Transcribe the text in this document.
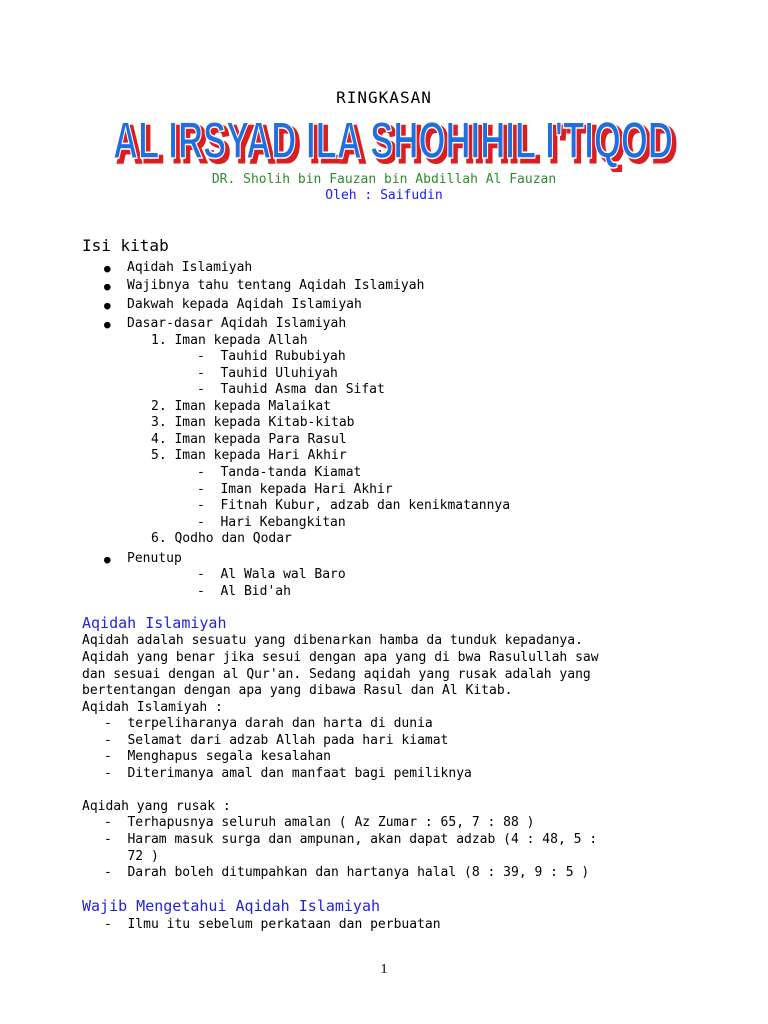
RINGKASAN
AL IRSYAD ILA SHOHIHIL I'TIQOD
AL IRSYAD ILA SHOHIHIL I'TIQOD
DR. Sholih bin Fauzan bin Abdillah Al Fauzan
Oleh : Saifudin
Isi kitab
● Aqidah Islamiyah
● Wajibnya tahu tentang Aqidah Islamiyah
● Dakwah kepada Aqidah Islamiyah
● Dasar-dasar Aqidah Islamiyah
1. Iman kepada Allah
-  Tauhid Rububiyah
-  Tauhid Uluhiyah
-  Tauhid Asma dan Sifat
2. Iman kepada Malaikat
3. Iman kepada Kitab-kitab
4. Iman kepada Para Rasul
5. Iman kepada Hari Akhir
-  Tanda-tanda Kiamat
-  Iman kepada Hari Akhir
-  Fitnah Kubur, adzab dan kenikmatannya
-  Hari Kebangkitan
6. Qodho dan Qodar
● Penutup
-  Al Wala wal Baro
-  Al Bid'ah
Aqidah Islamiyah
Aqidah adalah sesuatu yang dibenarkan hamba da tunduk kepadanya.
Aqidah yang benar jika sesui dengan apa yang di bwa Rasulullah saw
dan sesuai dengan al Qur'an. Sedang aqidah yang rusak adalah yang
bertentangan dengan apa yang dibawa Rasul dan Al Kitab.
Aqidah Islamiyah :
-  terpeliharanya darah dan harta di dunia
-  Selamat dari adzab Allah pada hari kiamat
-  Menghapus segala kesalahan
-  Diterimanya amal dan manfaat bagi pemiliknya
Aqidah yang rusak :
-  Terhapusnya seluruh amalan ( Az Zumar : 65, 7 : 88 )
-  Haram masuk surga dan ampunan, akan dapat adzab (4 : 48, 5 :
72 )
-  Darah boleh ditumpahkan dan hartanya halal (8 : 39, 9 : 5 )
Wajib Mengetahui Aqidah Islamiyah
-  Ilmu itu sebelum perkataan dan perbuatan
1
